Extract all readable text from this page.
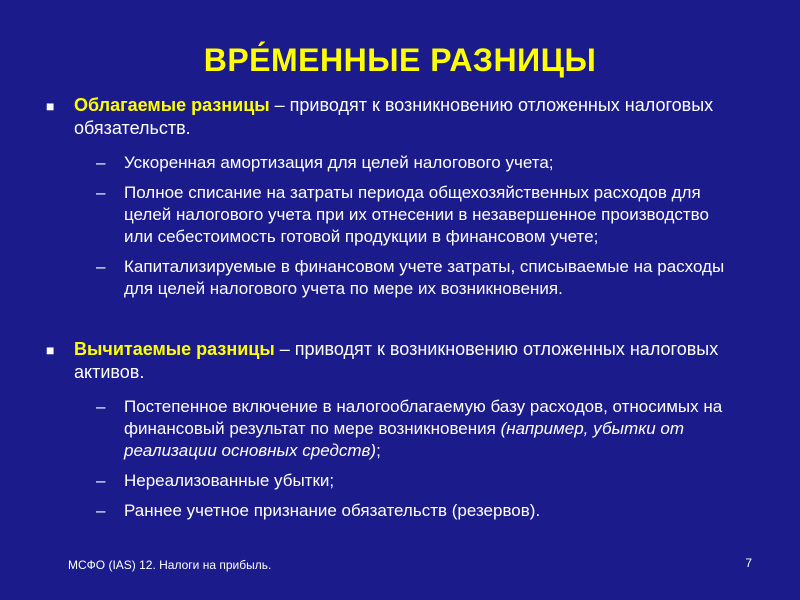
ВРЕ́МЕННЫЕ РАЗНИЦЫ
■ Облагаемые разницы – приводят к возникновению отложенных налоговых обязательств.
– Ускоренная амортизация для целей налогового учета;
– Полное списание на затраты периода общехозяйственных расходов для целей налогового учета при их отнесении в незавершенное производство или себестоимость готовой продукции в финансовом учете;
– Капитализируемые в финансовом учете затраты, списываемые на расходы для целей налогового учета по мере их возникновения.
■ Вычитаемые разницы – приводят к возникновению отложенных налоговых активов.
– Постепенное включение в налогооблагаемую базу расходов, относимых на финансовый результат по мере возникновения (например, убытки от реализации основных средств);
– Нереализованные убытки;
– Раннее учетное признание обязательств (резервов).
МСФО (IAS) 12. Налоги на прибыль.	7
